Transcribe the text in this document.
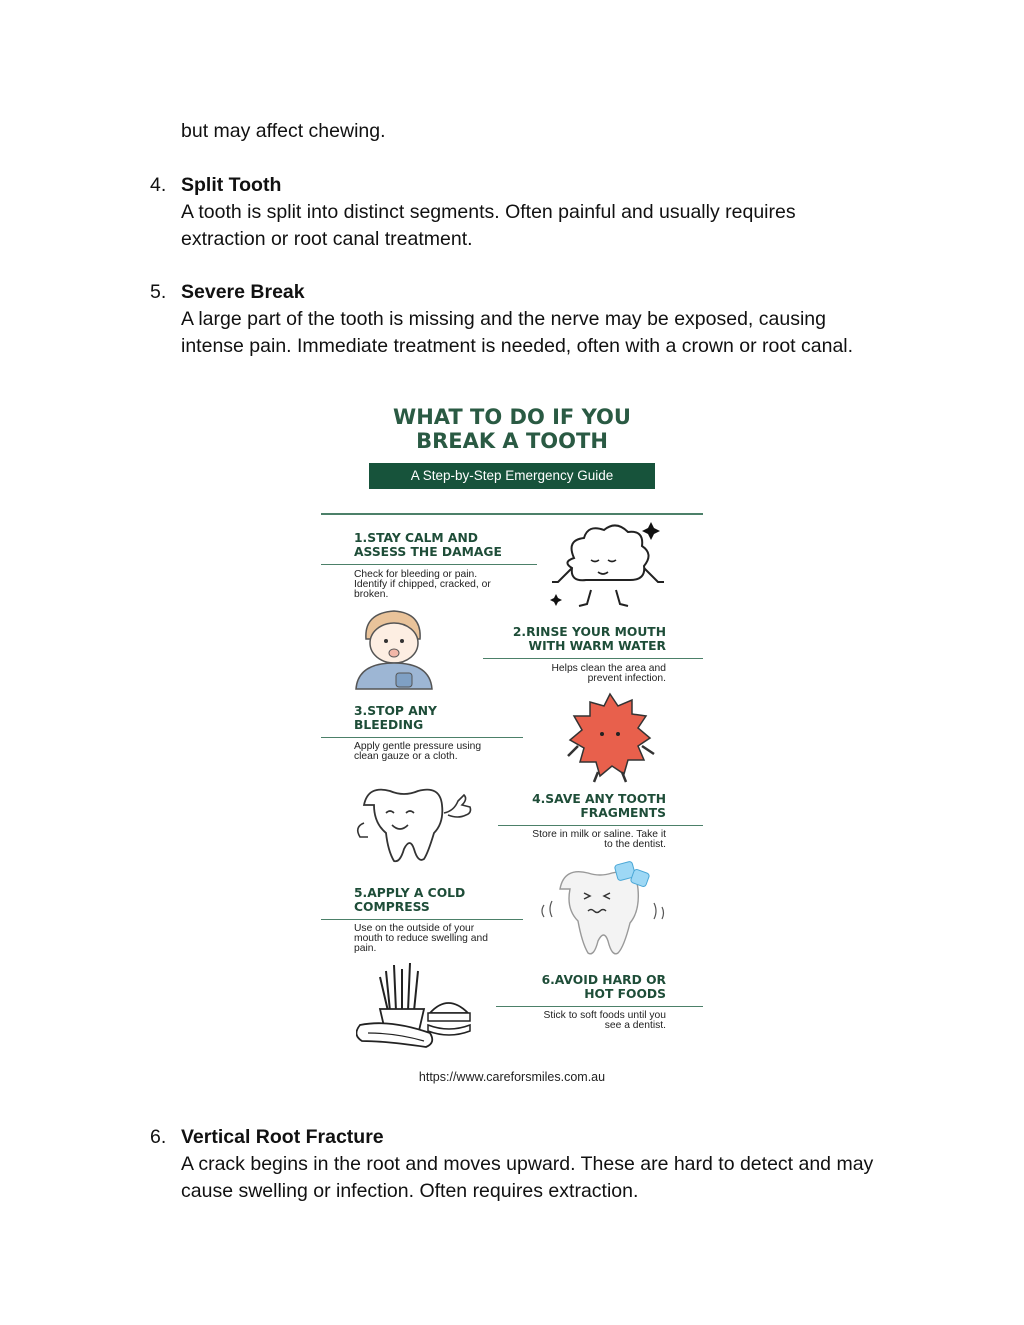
but may affect chewing.
4. Split Tooth
A tooth is split into distinct segments. Often painful and usually requires
extraction or root canal treatment.
5. Severe Break
A large part of the tooth is missing and the nerve may be exposed, causing
intense pain. Immediate treatment is needed, often with a crown or root canal.
6. Vertical Root Fracture
A crack begins in the root and moves upward. These are hard to detect and may
cause swelling or infection. Often requires extraction.
WHAT TO DO IF YOU
BREAK A TOOTH
A Step-by-Step Emergency Guide
1.STAY CALM AND
ASSESS THE DAMAGE
Check for bleeding or pain.
Identify if chipped, cracked, or
broken.
2.RINSE YOUR MOUTH
WITH WARM WATER
Helps clean the area and
prevent infection.
3.STOP ANY
BLEEDING
Apply gentle pressure using
clean gauze or a cloth.
4.SAVE ANY TOOTH
FRAGMENTS
Store in milk or saline. Take it
to the dentist.
5.APPLY A COLD
COMPRESS
Use on the outside of your
mouth to reduce swelling and
pain.
6.AVOID HARD OR
HOT FOODS
Stick to soft foods until you
see a dentist.
https://www.careforsmiles.com.au
